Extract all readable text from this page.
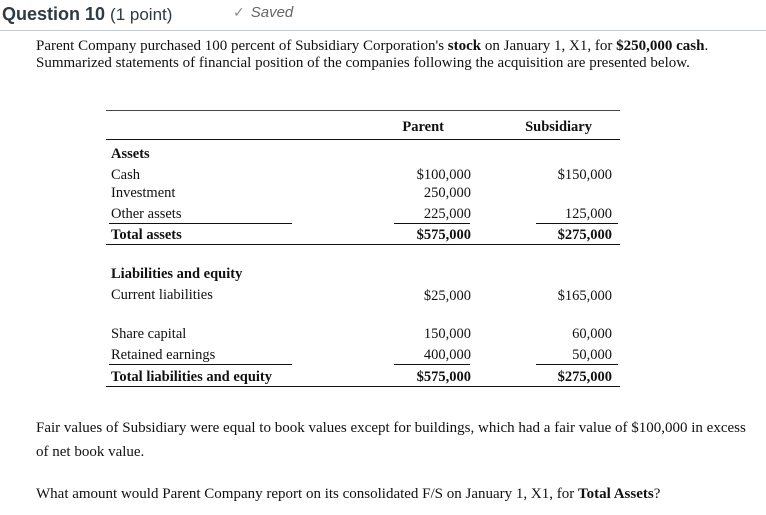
Question 10 (1 point)	✓ Saved
Parent Company purchased 100 percent of Subsidiary Corporation's stock on January 1, X1, for $250,000 cash. Summarized statements of financial position of the companies following the acquisition are presented below.
Parent	Subsidiary
Assets
Cash	$100,000	$150,000
Investment	250,000
Other assets	225,000	125,000
Total assets	$575,000	$275,000
Liabilities and equity
Current liabilities	$25,000	$165,000
Share capital	150,000	60,000
Retained earnings	400,000	50,000
Total liabilities and equity	$575,000	$275,000
Fair values of Subsidiary were equal to book values except for buildings, which had a fair value of $100,000 in excess of net book value.
What amount would Parent Company report on its consolidated F/S on January 1, X1, for Total Assets?
